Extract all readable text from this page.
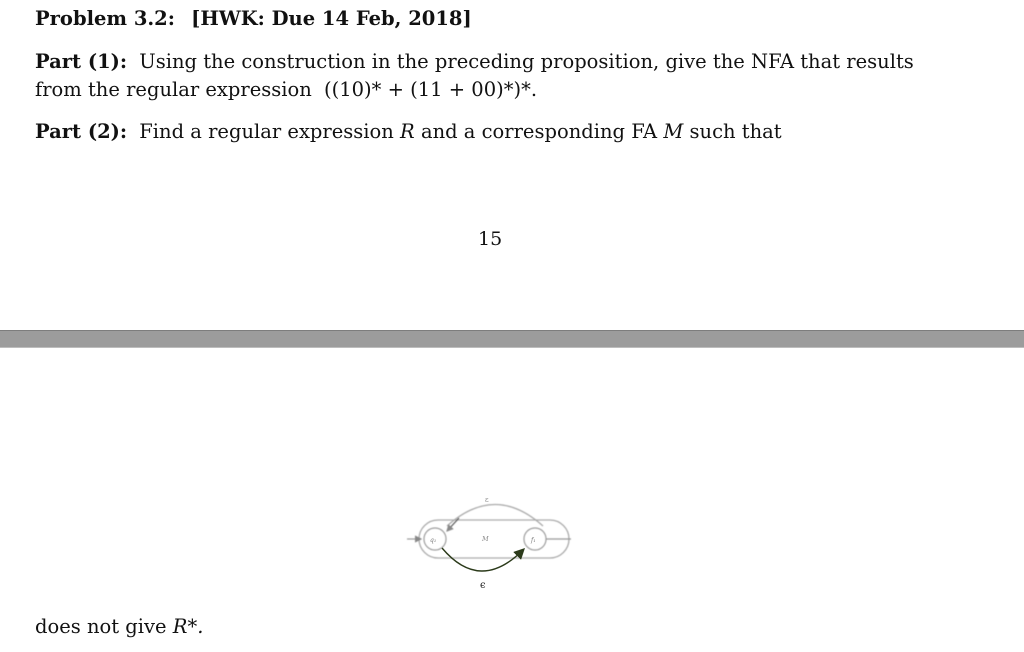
Problem 3.2: [HWK: Due 14 Feb, 2018]
Part (1): Using the construction in the preceding proposition, give the NFA that results
from the regular expression ((10)* + (11 + 00)*)*.
Part (2): Find a regular expression R and a corresponding FA M such that
15
ε
q₁	M	f₁
ϵ
does not give R*.
